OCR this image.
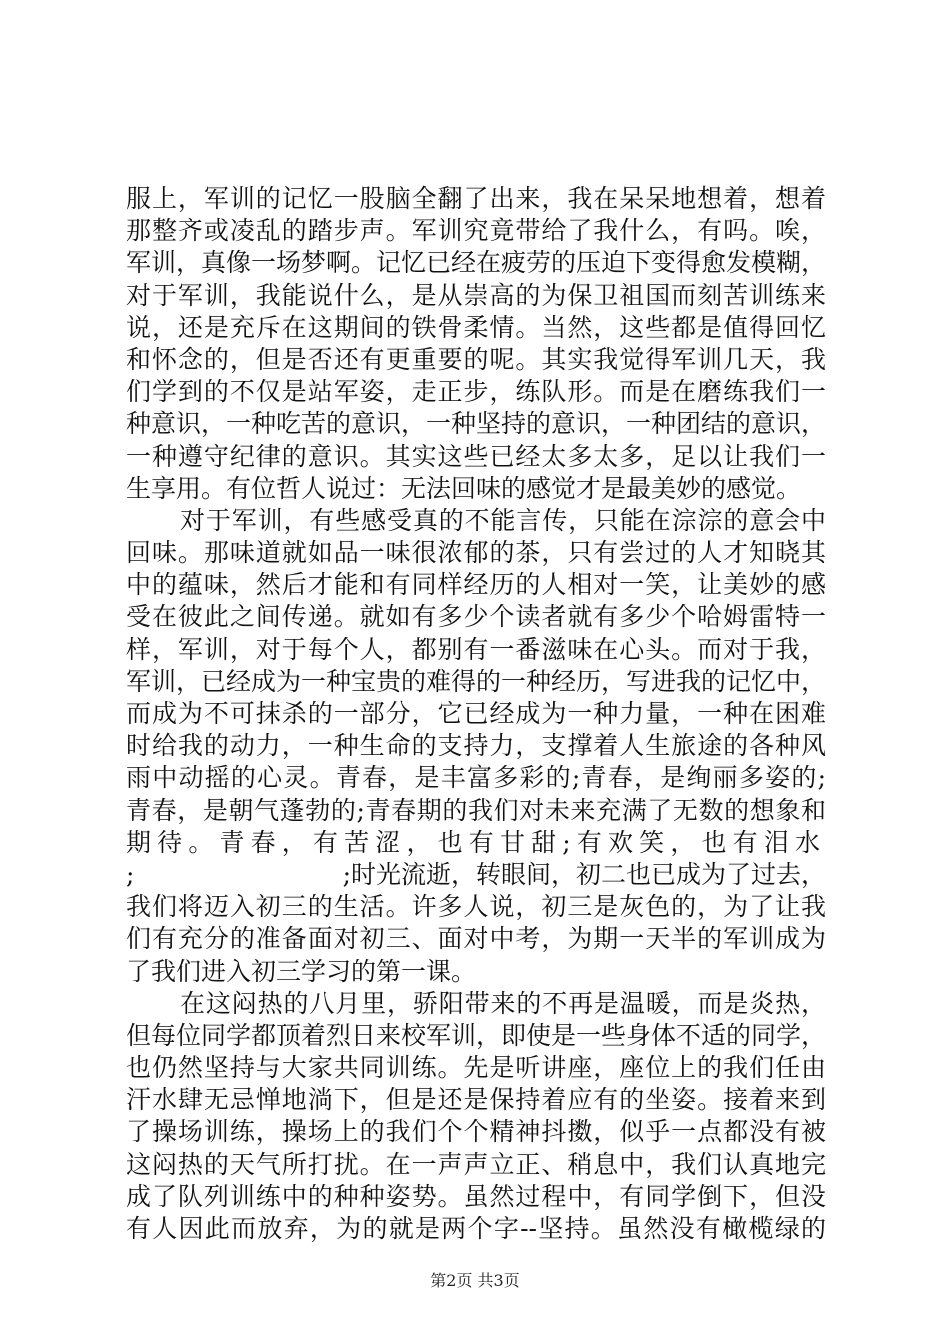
服上，军训的记忆一股脑全翻了出来，我在呆呆地想着，想着
那整齐或凌乱的踏步声。军训究竟带给了我什么，有吗。唉，
军训，真像一场梦啊。记忆已经在疲劳的压迫下变得愈发模糊，
对于军训，我能说什么，是从崇高的为保卫祖国而刻苦训练来
说，还是充斥在这期间的铁骨柔情。当然，这些都是值得回忆
和怀念的，但是否还有更重要的呢。其实我觉得军训几天，我
们学到的不仅是站军姿，走正步，练队形。而是在磨练我们一
种意识，一种吃苦的意识，一种坚持的意识，一种团结的意识，
一种遵守纪律的意识。其实这些已经太多太多，足以让我们一
生享用。有位哲人说过：无法回味的感觉才是最美妙的感觉。
对于军训，有些感受真的不能言传，只能在淙淙的意会中
回味。那味道就如品一味很浓郁的茶，只有尝过的人才知晓其
中的蕴味，然后才能和有同样经历的人相对一笑，让美妙的感
受在彼此之间传递。就如有多少个读者就有多少个哈姆雷特一
样，军训，对于每个人，都别有一番滋味在心头。而对于我，
军训，已经成为一种宝贵的难得的一种经历，写进我的记忆中，
而成为不可抹杀的一部分，它已经成为一种力量，一种在困难
时给我的动力，一种生命的支持力，支撑着人生旅途的各种风
雨中动摇的心灵。青春，是丰富多彩的;青春，是绚丽多姿的;
青春，是朝气蓬勃的;青春期的我们对未来充满了无数的想象和
期待。青春，有苦涩，也有甘甜;有欢笑，也有泪水
;	;时光流逝，转眼间，初二也已成为了过去，
我们将迈入初三的生活。许多人说，初三是灰色的，为了让我
们有充分的准备面对初三、面对中考，为期一天半的军训成为
了我们进入初三学习的第一课。
在这闷热的八月里，骄阳带来的不再是温暖，而是炎热，
但每位同学都顶着烈日来校军训，即使是一些身体不适的同学，
也仍然坚持与大家共同训练。先是听讲座，座位上的我们任由
汗水肆无忌惮地淌下，但是还是保持着应有的坐姿。接着来到
了操场训练，操场上的我们个个精神抖擞，似乎一点都没有被
这闷热的天气所打扰。在一声声立正、稍息中，我们认真地完
成了队列训练中的种种姿势。虽然过程中，有同学倒下，但没
有人因此而放弃，为的就是两个字--坚持。虽然没有橄榄绿的
第2页 共3页
